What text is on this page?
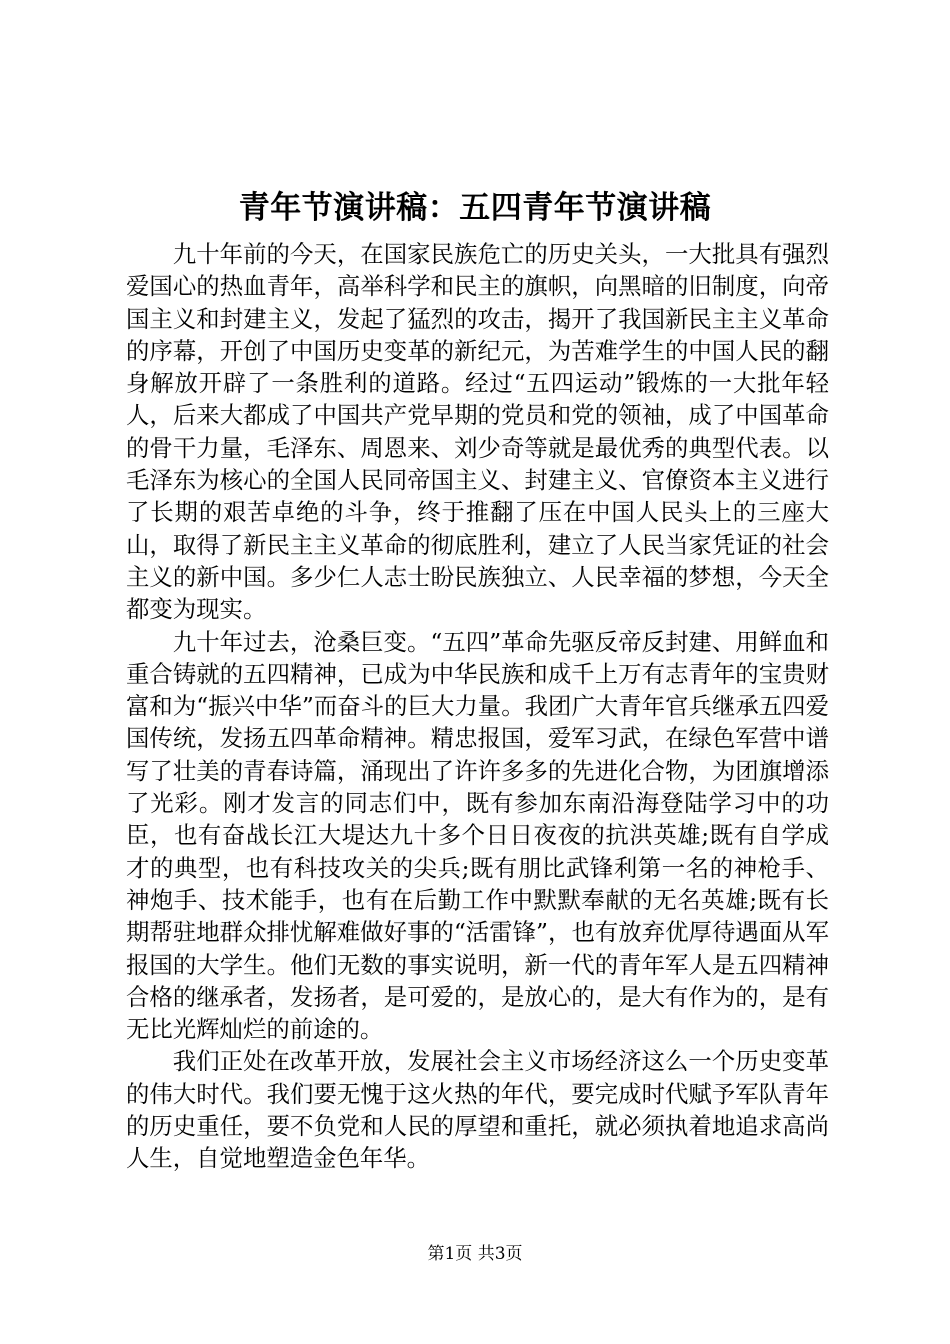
青年节演讲稿：五四青年节演讲稿

九十年前的今天，在国家民族危亡的历史关头，一大批具有强烈爱国心的热血青年，高举科学和民主的旗帜，向黑暗的旧制度，向帝国主义和封建主义，发起了猛烈的攻击，揭开了我国新民主主义革命的序幕，开创了中国历史变革的新纪元，为苦难学生的中国人民的翻身解放开辟了一条胜利的道路。经过“五四运动”锻炼的一大批年轻人，后来大都成了中国共产党早期的党员和党的领袖，成了中国革命的骨干力量，毛泽东、周恩来、刘少奇等就是最优秀的典型代表。以毛泽东为核心的全国人民同帝国主义、封建主义、官僚资本主义进行了长期的艰苦卓绝的斗争，终于推翻了压在中国人民头上的三座大山，取得了新民主主义革命的彻底胜利，建立了人民当家凭证的社会主义的新中国。多少仁人志士盼民族独立、人民幸福的梦想，今天全都变为现实。

九十年过去，沧桑巨变。“五四”革命先驱反帝反封建、用鲜血和重合铸就的五四精神，已成为中华民族和成千上万有志青年的宝贵财富和为“振兴中华”而奋斗的巨大力量。我团广大青年官兵继承五四爱国传统，发扬五四革命精神。精忠报国，爱军习武，在绿色军营中谱写了壮美的青春诗篇，涌现出了许许多多的先进化合物，为团旗增添了光彩。刚才发言的同志们中，既有参加东南沿海登陆学习中的功臣，也有奋战长江大堤达九十多个日日夜夜的抗洪英雄;既有自学成才的典型，也有科技攻关的尖兵;既有朋比武锋利第一名的神枪手、神炮手、技术能手，也有在后勤工作中默默奉献的无名英雄;既有长期帮驻地群众排忧解难做好事的“活雷锋”，也有放弃优厚待遇面从军报国的大学生。他们无数的事实说明，新一代的青年军人是五四精神合格的继承者，发扬者，是可爱的，是放心的，是大有作为的，是有无比光辉灿烂的前途的。

我们正处在改革开放，发展社会主义市场经济这么一个历史变革的伟大时代。我们要无愧于这火热的年代，要完成时代赋予军队青年的历史重任，要不负党和人民的厚望和重托，就必须执着地追求高尚人生，自觉地塑造金色年华。

第1页 共3页
